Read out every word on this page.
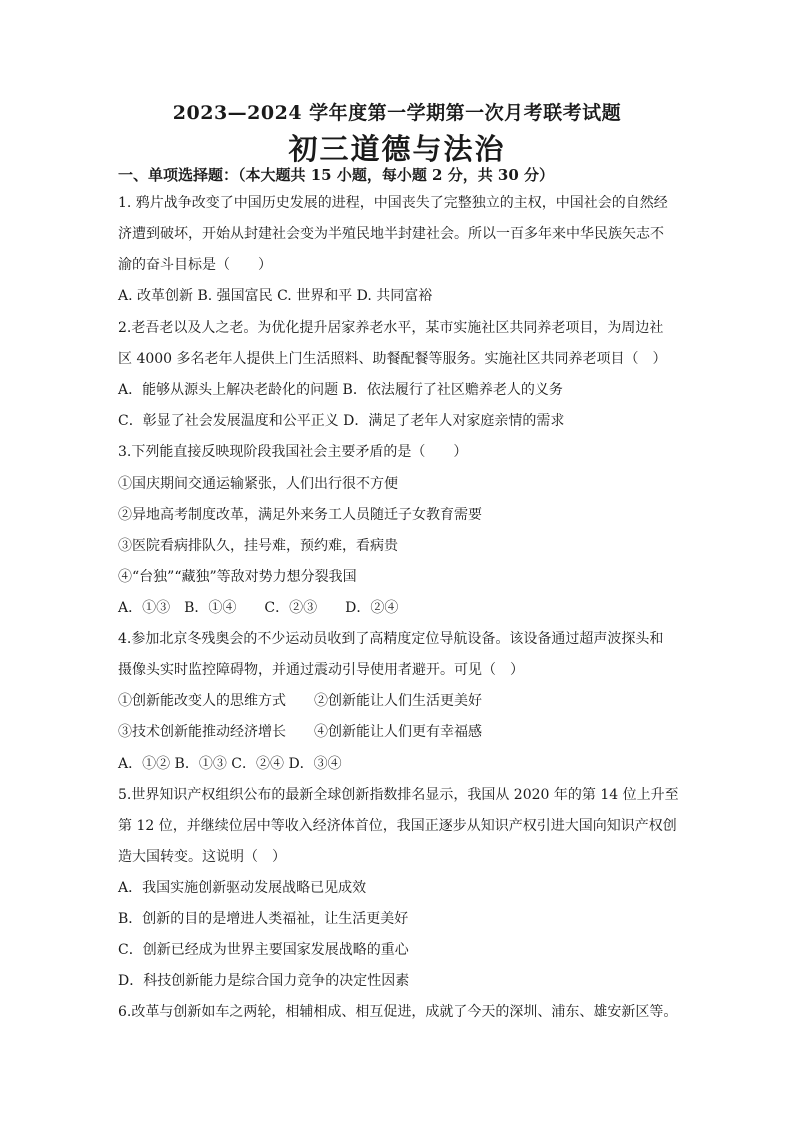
2023—2024 学年度第一学期第一次月考联考试题
初三道德与法治
一、单项选择题：（本大题共 15 小题，每小题 2 分，共 30 分）
1. 鸦片战争改变了中国历史发展的进程，中国丧失了完整独立的主权，中国社会的自然经
济遭到破坏，开始从封建社会变为半殖民地半封建社会。所以一百多年来中华民族矢志不
渝的奋斗目标是（　　）
A. 改革创新 B. 强国富民 C. 世界和平 D. 共同富裕
2.老吾老以及人之老。为优化提升居家养老水平，某市实施社区共同养老项目，为周边社
区 4000 多名老年人提供上门生活照料、助餐配餐等服务。实施社区共同养老项目（　）
A．能够从源头上解决老龄化的问题 B．依法履行了社区赡养老人的义务
C．彰显了社会发展温度和公平正义 D．满足了老年人对家庭亲情的需求
3.下列能直接反映现阶段我国社会主要矛盾的是（　　）
①国庆期间交通运输紧张，人们出行很不方便
②异地高考制度改革，满足外来务工人员随迁子女教育需要
③医院看病排队久，挂号难，预约难，看病贵
④“台独”“藏独”等敌对势力想分裂我国
A．①③　B．①④　　C．②③　　D．②④
4.参加北京冬残奥会的不少运动员收到了高精度定位导航设备。该设备通过超声波探头和
摄像头实时监控障碍物，并通过震动引导使用者避开。可见（　）
①创新能改变人的思维方式　　②创新能让人们生活更美好
③技术创新能推动经济增长　　④创新能让人们更有幸福感
A．①② B．①③ C．②④ D．③④
5.世界知识产权组织公布的最新全球创新指数排名显示，我国从 2020 年的第 14 位上升至
第 12 位，并继续位居中等收入经济体首位，我国正逐步从知识产权引进大国向知识产权创
造大国转变。这说明（　）
A．我国实施创新驱动发展战略已见成效
B．创新的目的是增进人类福祉，让生活更美好
C．创新已经成为世界主要国家发展战略的重心
D．科技创新能力是综合国力竞争的决定性因素
6.改革与创新如车之两轮，相辅相成、相互促进，成就了今天的深圳、浦东、雄安新区等。
